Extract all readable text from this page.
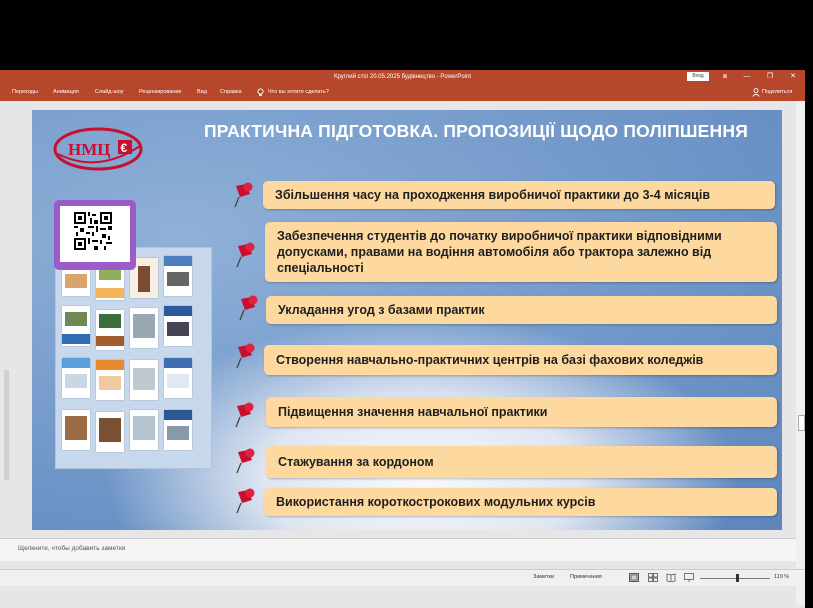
Круглий стіл 20.05.2025 будівництво - PowerPoint	Вход	⧈	—	❐	✕
Переходы	Анимация	Слайд-шоу	Рецензирование	Вид Справка	Что вы хотите сделать?	Поделиться
НМЦ €
ПРАКТИЧНА ПІДГОТОВКА. ПРОПОЗИЦІЇ ЩОДО ПОЛІПШЕННЯ
Збільшення часу на проходження виробничої практики до 3-4 місяців
Забезпечення студентів до початку виробничої практики відповідними допусками, правами на водіння автомобіля або трактора залежно від спеціальності
Укладання угод з базами практик
Створення навчально-практичних центрів на базі фахових коледжів
Підвищення значення навчальної практики
Стажування за кордоном
Використання короткострокових модульних курсів
Щелкните, чтобы добавить заметки
Заметки	Примечания	119 %
